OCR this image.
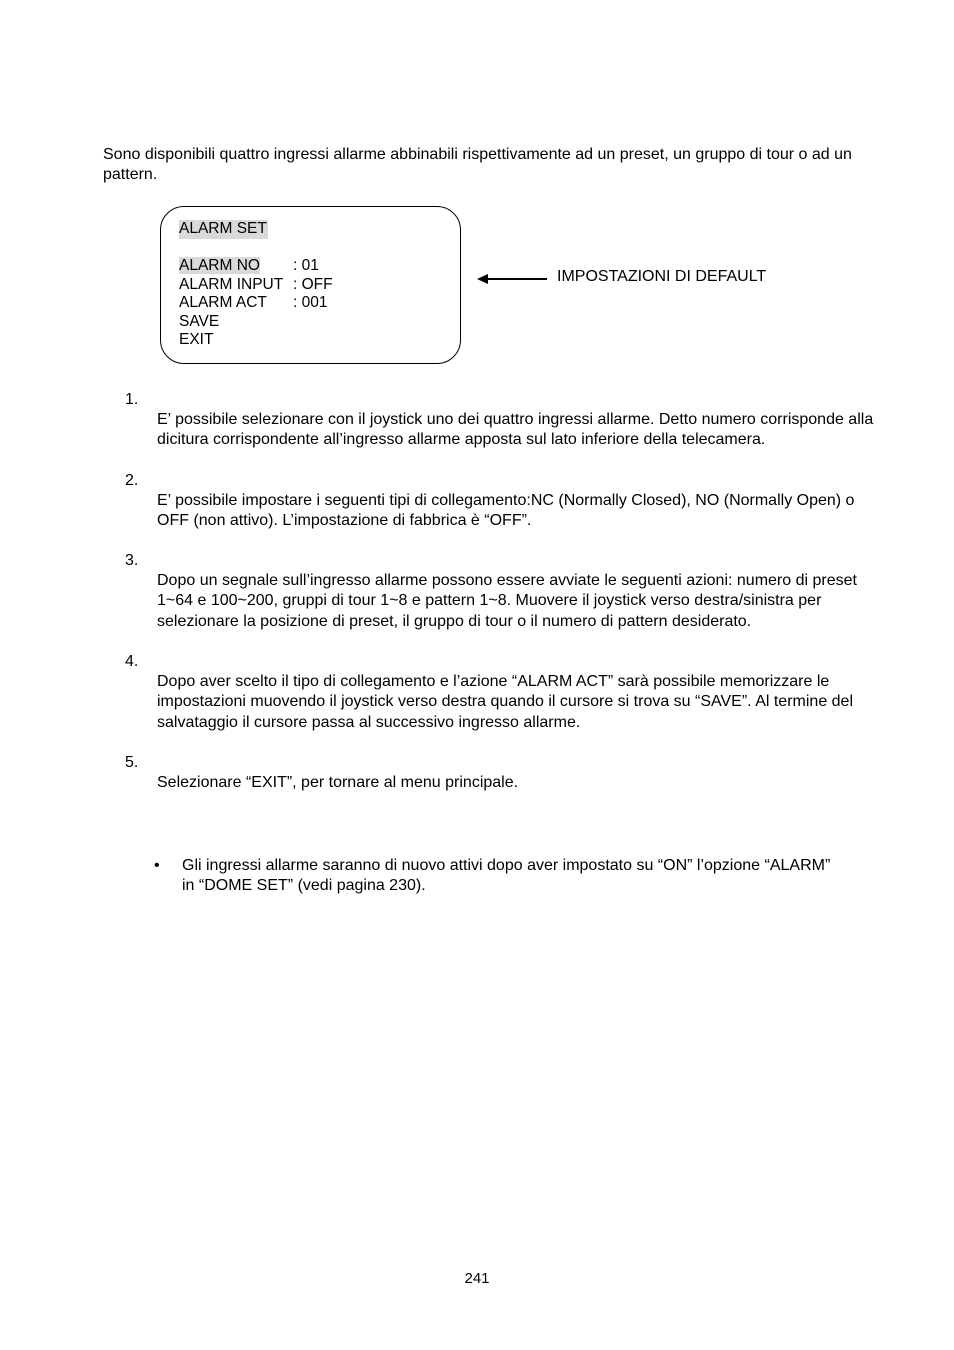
Sono disponibili quattro ingressi allarme abbinabili rispettivamente ad un preset, un gruppo di tour o ad un pattern.

ALARM SET
ALARM NO	: 01
ALARM INPUT : OFF
ALARM ACT	: 001
SAVE
EXIT
IMPOSTAZIONI DI DEFAULT
1.

E’ possibile selezionare con il joystick uno dei quattro ingressi allarme. Detto numero corrisponde alla dicitura corrispondente all’ingresso allarme apposta sul lato inferiore della telecamera.

2.

E’ possibile impostare i seguenti tipi di collegamento:NC (Normally Closed), NO (Normally Open) o OFF (non attivo). L’impostazione di fabbrica è “OFF”.

3.

Dopo un segnale sull’ingresso allarme possono essere avviate le seguenti azioni: numero di preset 1~64 e 100~200, gruppi di tour 1~8 e pattern 1~8. Muovere il joystick verso destra/sinistra per selezionare la posizione di preset, il gruppo di tour o il numero di pattern desiderato.

4.

Dopo aver scelto il tipo di collegamento e l’azione “ALARM ACT” sarà possibile memorizzare le impostazioni muovendo il joystick verso destra quando il cursore si trova su “SAVE”. Al termine del salvataggio il cursore passa al successivo ingresso allarme.

5.

Selezionare “EXIT”, per tornare al menu principale.

•	Gli ingressi allarme saranno di nuovo attivi dopo aver impostato su “ON” l’opzione “ALARM” in “DOME SET” (vedi pagina 230).

241
